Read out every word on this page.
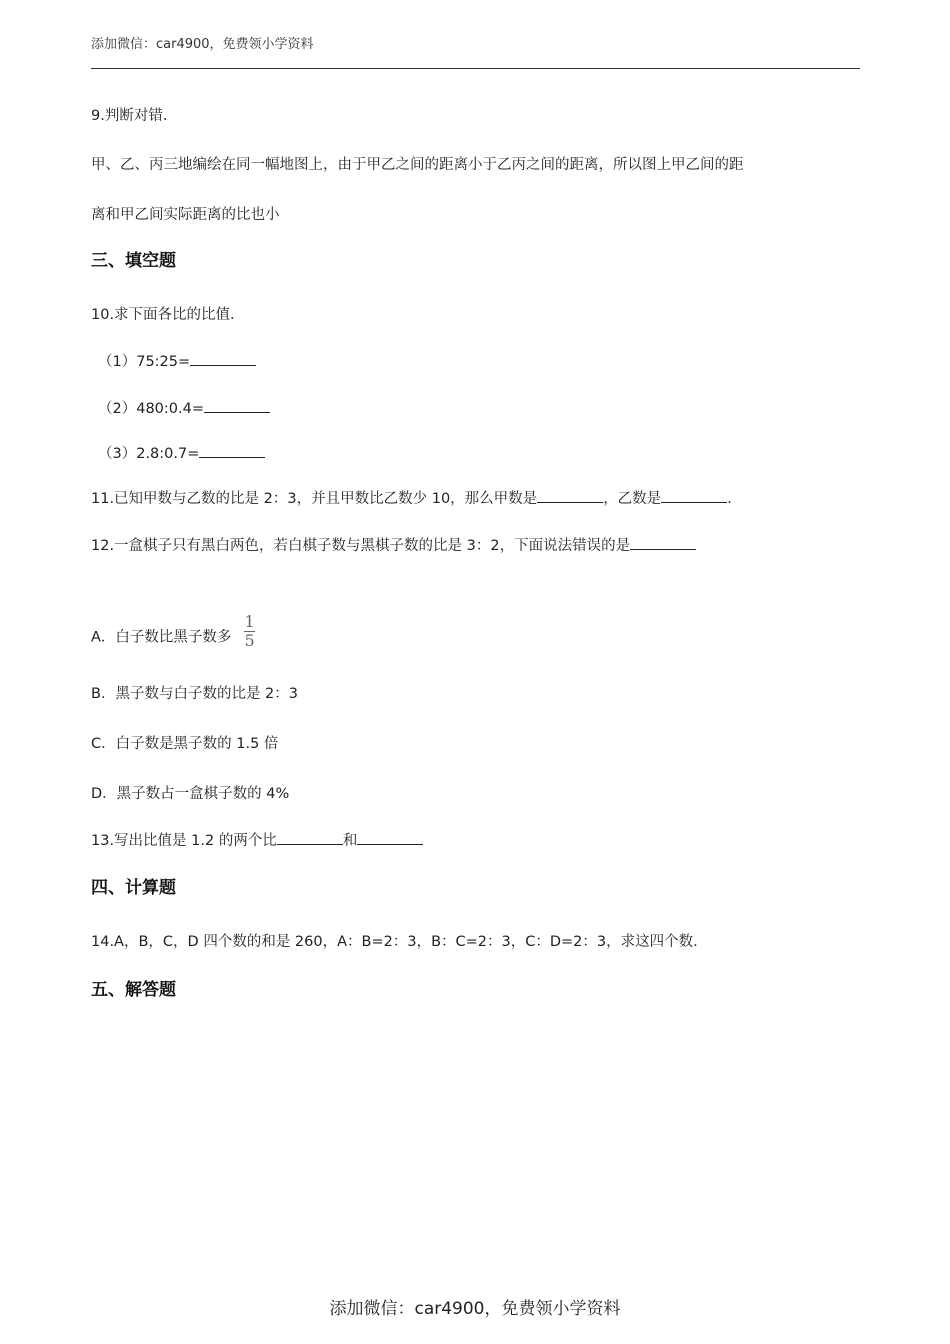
添加微信：car4900，免费领小学资料
9.判断对错．
甲、乙、丙三地编绘在同一幅地图上，由于甲乙之间的距离小于乙丙之间的距离，所以图上甲乙间的距
离和甲乙间实际距离的比也小
三、填空题
10.求下面各比的比值．
（1）75:25=
（2）480:0.4=
（3）2.8:0.7=
11.已知甲数与乙数的比是 2：3，并且甲数比乙数少 10，那么甲数是	，乙数是	．
12.一盒棋子只有黑白两色，若白棋子数与黑棋子数的比是 3：2，下面说法错误的是
A．白子数比黑子数多 $\frac{1}{5}$
B．黑子数与白子数的比是 2：3
C．白子数是黑子数的 1.5 倍
D．黑子数占一盒棋子数的 4%
13.写出比值是 1.2 的两个比	和
四、计算题
14.A，B，C，D 四个数的和是 260，A：B=2：3，B：C=2：3，C：D=2：3，求这四个数．
五、解答题
添加微信：car4900，免费领小学资料
